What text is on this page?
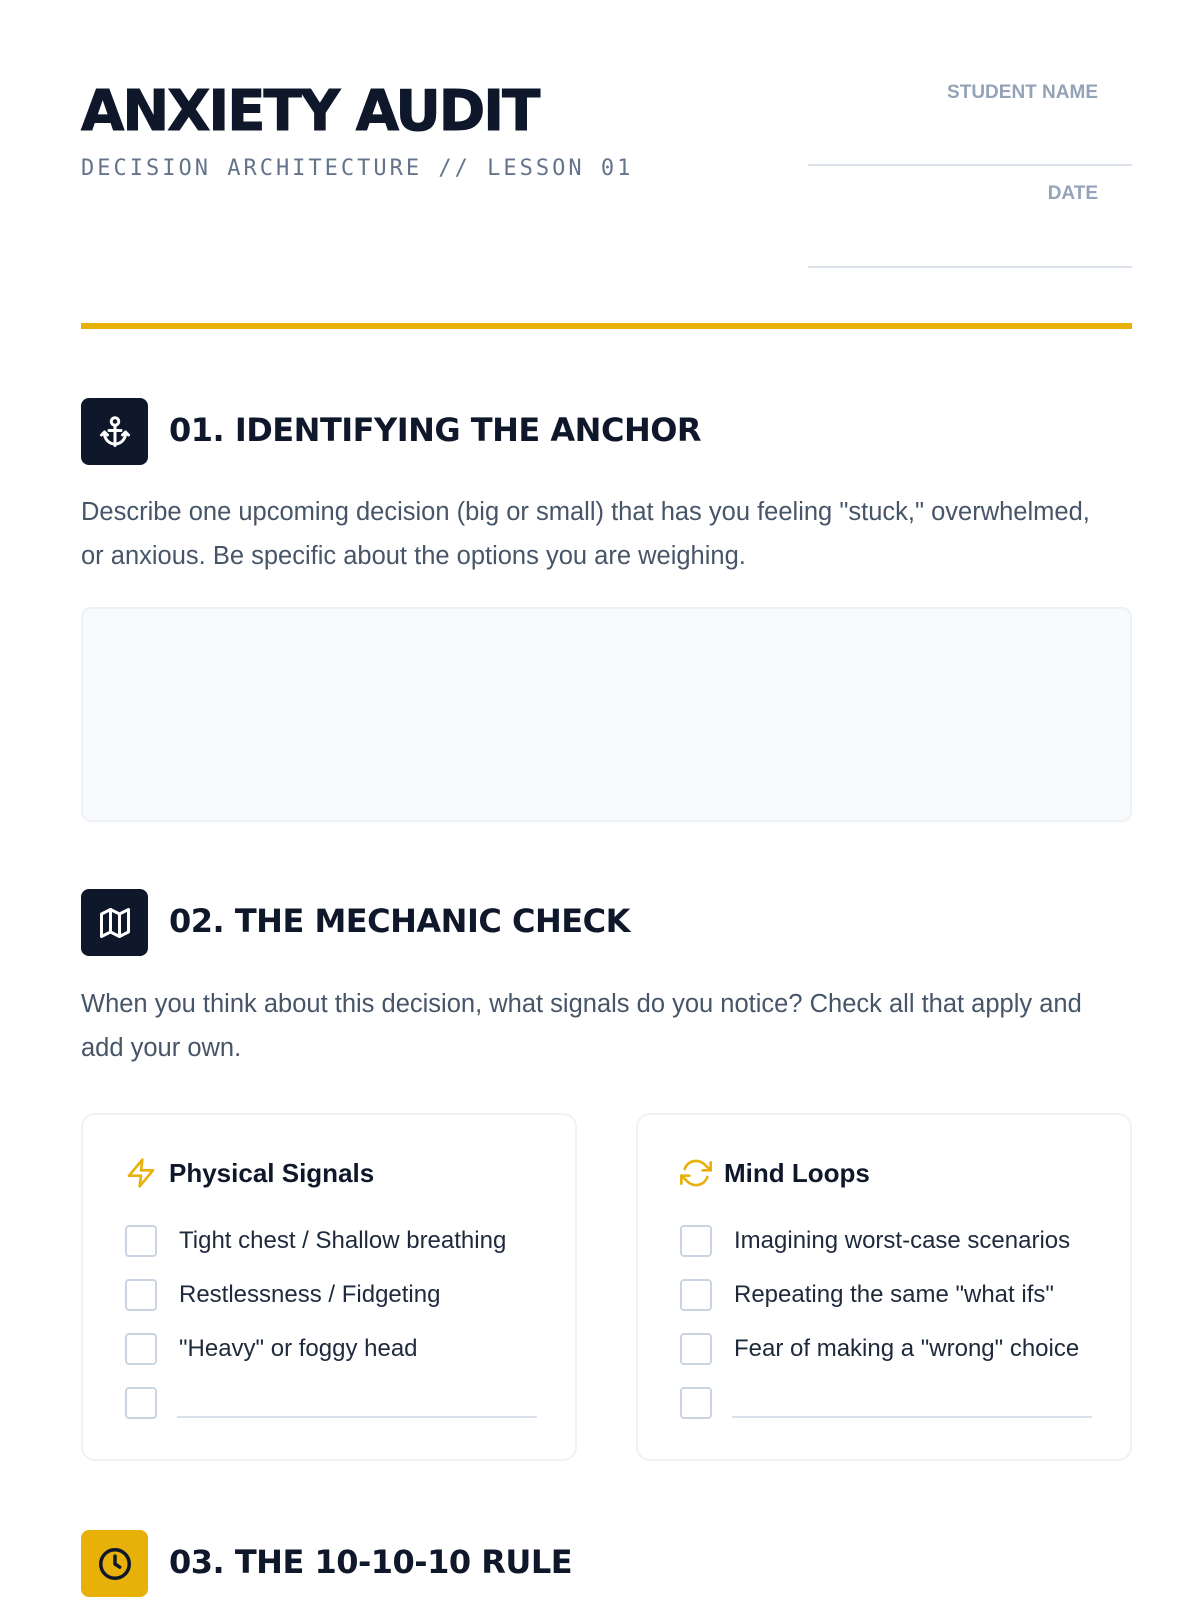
ANXIETY AUDIT
DECISION ARCHITECTURE // LESSON 01
STUDENT NAME
DATE
01. IDENTIFYING THE ANCHOR
Describe one upcoming decision (big or small) that has you feeling "stuck," overwhelmed, or anxious. Be specific about the options you are weighing.
02. THE MECHANIC CHECK
When you think about this decision, what signals do you notice? Check all that apply and add your own.
Physical Signals
Tight chest / Shallow breathing
Restlessness / Fidgeting
"Heavy" or foggy head
Mind Loops
Imagining worst-case scenarios
Repeating the same "what ifs"
Fear of making a "wrong" choice
03. THE 10-10-10 RULE
